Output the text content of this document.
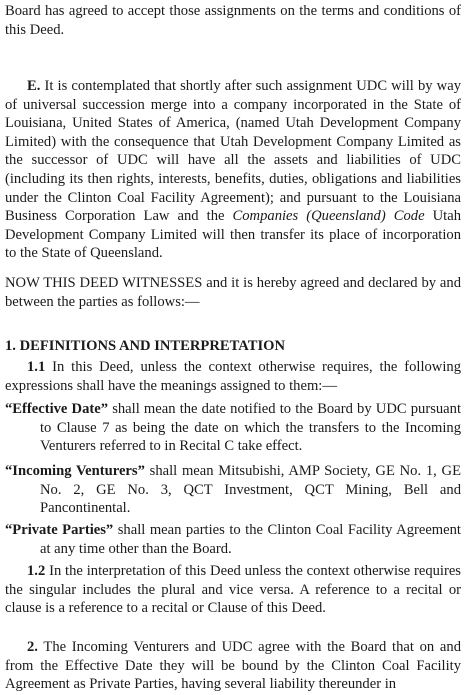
Board has agreed to accept those assignments on the terms and conditions of this Deed.

E. It is contemplated that shortly after such assignment UDC will by way of universal succession merge into a company incorporated in the State of Louisiana, United States of America, (named Utah Development Company Limited) with the consequence that Utah Development Company Limited as the successor of UDC will have all the assets and liabilities of UDC (including its then rights, interests, benefits, duties, obligations and liabilities under the Clinton Coal Facility Agreement); and pursuant to the Louisiana Business Corporation Law and the Companies (Queensland) Code Utah Development Company Limited will then transfer its place of incorporation to the State of Queensland.

NOW THIS DEED WITNESSES and it is hereby agreed and declared by and between the parties as follows:—

1. DEFINITIONS AND INTERPRETATION

1.1 In this Deed, unless the context otherwise requires, the following expressions shall have the meanings assigned to them:—

“Effective Date” shall mean the date notified to the Board by UDC pursuant to Clause 7 as being the date on which the transfers to the Incoming Venturers referred to in Recital C take effect.

“Incoming Venturers” shall mean Mitsubishi, AMP Society, GE No. 1, GE No. 2, GE No. 3, QCT Investment, QCT Mining, Bell and Pancontinental.

“Private Parties” shall mean parties to the Clinton Coal Facility Agreement at any time other than the Board.

1.2 In the interpretation of this Deed unless the context otherwise requires the singular includes the plural and vice versa. A reference to a recital or clause is a reference to a recital or Clause of this Deed.

2. The Incoming Venturers and UDC agree with the Board that on and from the Effective Date they will be bound by the Clinton Coal Facility Agreement as Private Parties, having several liability thereunder in
